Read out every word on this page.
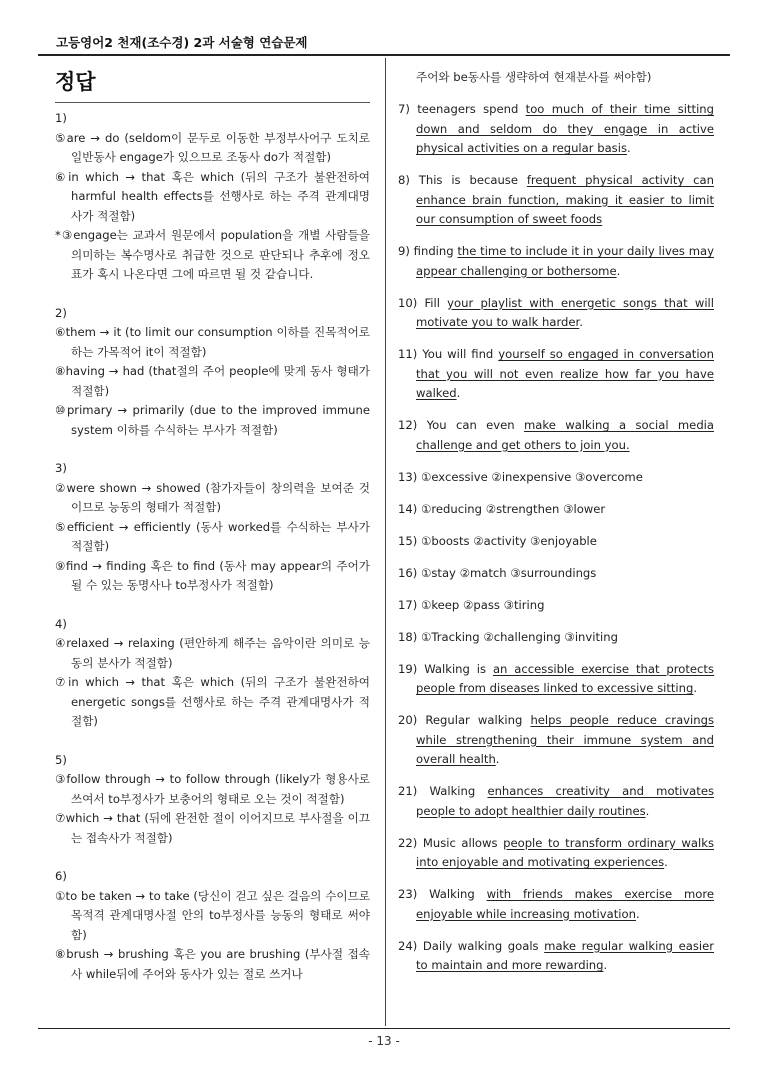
고등영어2 천재(조수경) 2과 서술형 연습문제
정답
1)
⑤are → do (seldom이 문두로 이동한 부정부사어구 도치로 일반동사 engage가 있으므로 조동사 do가 적절함)
⑥in which → that 혹은 which (뒤의 구조가 불완전하여 harmful health effects를 선행사로 하는 주격 관계대명사가 적절함)
*③engage는 교과서 원문에서 population을 개별 사람들을 의미하는 복수명사로 취급한 것으로 판단되나 추후에 정오표가 혹시 나온다면 그에 따르면 될 것 같습니다.
2)
⑥them → it (to limit our consumption 이하를 진목적어로 하는 가목적어 it이 적절함)
⑧having → had (that절의 주어 people에 맞게 동사 형태가 적절함)
⑩primary → primarily (due to the improved immune system 이하를 수식하는 부사가 적절함)
3)
②were shown → showed (참가자들이 창의력을 보여준 것이므로 능동의 형태가 적절함)
⑤efficient → efficiently (동사 worked를 수식하는 부사가 적절함)
⑨find → finding 혹은 to find (동사 may appear의 주어가 될 수 있는 동명사나 to부정사가 적절함)
4)
④relaxed → relaxing (편안하게 해주는 음악이란 의미로 능동의 분사가 적절함)
⑦in which → that 혹은 which (뒤의 구조가 불완전하여 energetic songs를 선행사로 하는 주격 관계대명사가 적절함)
5)
③follow through → to follow through (likely가 형용사로 쓰여서 to부정사가 보충어의 형태로 오는 것이 적절함)
⑦which → that (뒤에 완전한 절이 이어지므로 부사절을 이끄는 접속사가 적절함)
6)
①to be taken → to take (당신이 걷고 싶은 걸음의 수이므로 목적격 관계대명사절 안의 to부정사를 능동의 형태로 써야함)
⑧brush → brushing 혹은 you are brushing (부사절 접속사 while뒤에 주어와 동사가 있는 절로 쓰거나
주어와 be동사를 생략하여 현재분사를 써야함)
7) teenagers spend too much of their time sitting down and seldom do they engage in active physical activities on a regular basis.
8) This is because frequent physical activity can enhance brain function, making it easier to limit our consumption of sweet foods
9) finding the time to include it in your daily lives may appear challenging or bothersome.
10) Fill your playlist with energetic songs that will motivate you to walk harder.
11) You will find yourself so engaged in conversation that you will not even realize how far you have walked.
12) You can even make walking a social media challenge and get others to join you.
13) ①excessive ②inexpensive ③overcome
14) ①reducing ②strengthen ③lower
15) ①boosts ②activity ③enjoyable
16) ①stay ②match ③surroundings
17) ①keep ②pass ③tiring
18) ①Tracking ②challenging ③inviting
19) Walking is an accessible exercise that protects people from diseases linked to excessive sitting.
20) Regular walking helps people reduce cravings while strengthening their immune system and overall health.
21) Walking enhances creativity and motivates people to adopt healthier daily routines.
22) Music allows people to transform ordinary walks into enjoyable and motivating experiences.
23) Walking with friends makes exercise more enjoyable while increasing motivation.
24) Daily walking goals make regular walking easier to maintain and more rewarding.
- 13 -
